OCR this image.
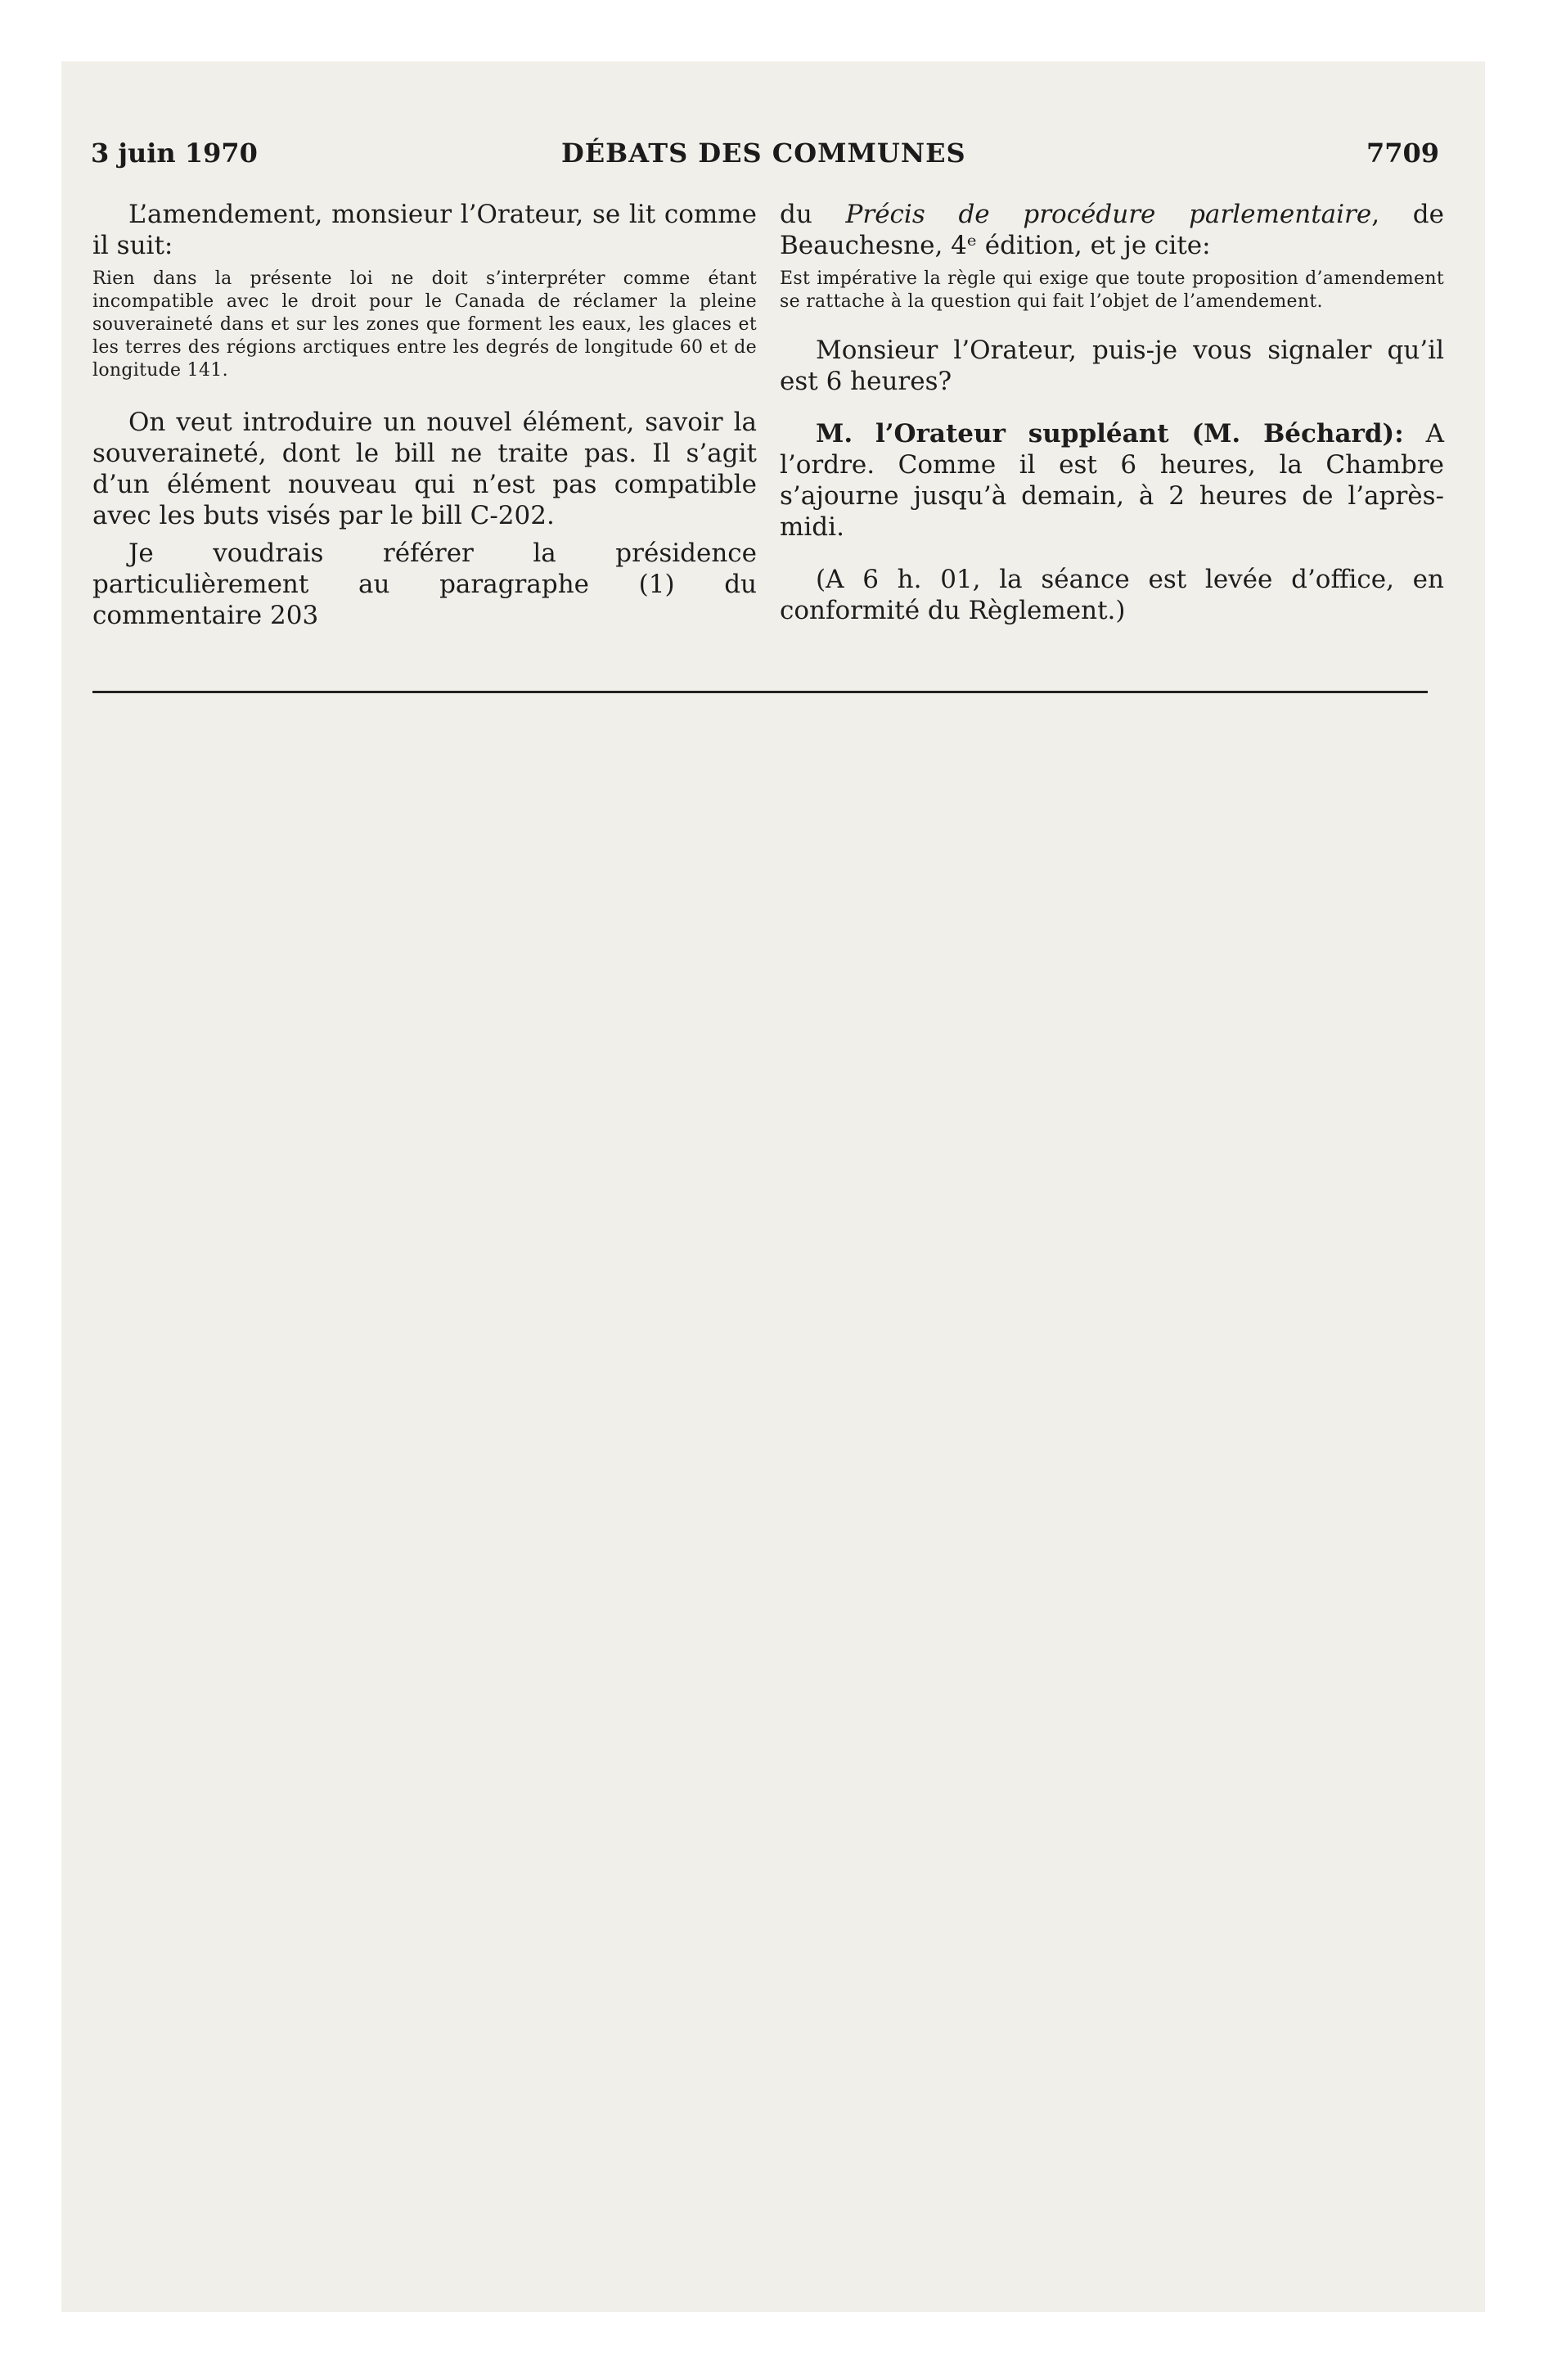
3 juin 1970	DÉBATS DES COMMUNES	7709

L’amendement, monsieur l’Orateur, se lit comme il suit:

Rien dans la présente loi ne doit s’interpréter comme étant incompatible avec le droit pour le Canada de réclamer la pleine souveraineté dans et sur les zones que forment les eaux, les glaces et les terres des régions arctiques entre les degrés de longitude 60 et de longitude 141.

On veut introduire un nouvel élément, savoir la souveraineté, dont le bill ne traite pas. Il s’agit d’un élément nouveau qui n’est pas compatible avec les buts visés par le bill C-202.

Je voudrais référer la présidence particulièrement au paragraphe (1) du commentaire 203

du Précis de procédure parlementaire, de Beauchesne, 4ᵉ édition, et je cite:

Est impérative la règle qui exige que toute proposition d’amendement se rattache à la question qui fait l’objet de l’amendement.

Monsieur l’Orateur, puis-je vous signaler qu’il est 6 heures?

M. l’Orateur suppléant (M. Béchard): A l’ordre. Comme il est 6 heures, la Chambre s’ajourne jusqu’à demain, à 2 heures de l’après-midi.

(A 6 h. 01, la séance est levée d’office, en conformité du Règlement.)
